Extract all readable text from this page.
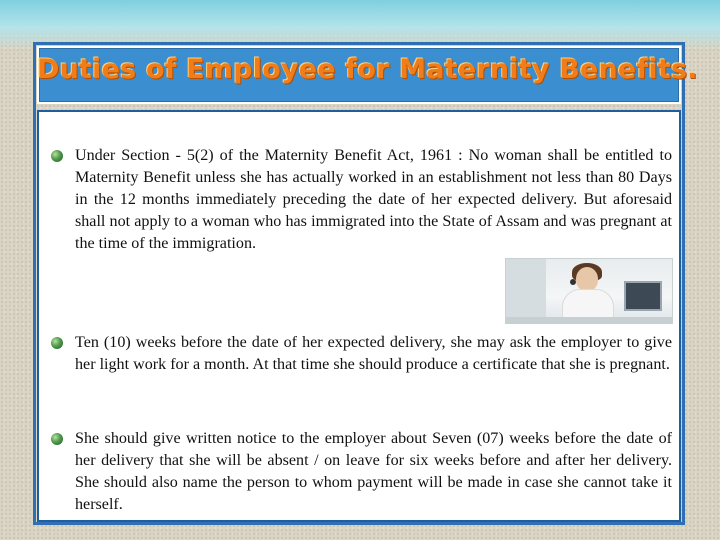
Duties of Employee for Maternity Benefits.
Under Section - 5(2) of the Maternity Benefit Act, 1961 : No woman shall be entitled to Maternity Benefit unless she has actually worked in an establishment not less than 80 Days in the 12 months immediately preceding the date of her expected delivery. But aforesaid shall not apply to a woman who has immigrated into the State of Assam and was pregnant at the time of the immigration.
Ten (10) weeks before the date of her expected delivery, she may ask the employer to give her light work for a month. At that time she should produce a certificate that she is pregnant.
She should give written notice to the employer about Seven (07) weeks before the date of her delivery that she will be absent / on leave for six weeks before and after her delivery. She should also name the person to whom payment will be made in case she cannot take it herself.
